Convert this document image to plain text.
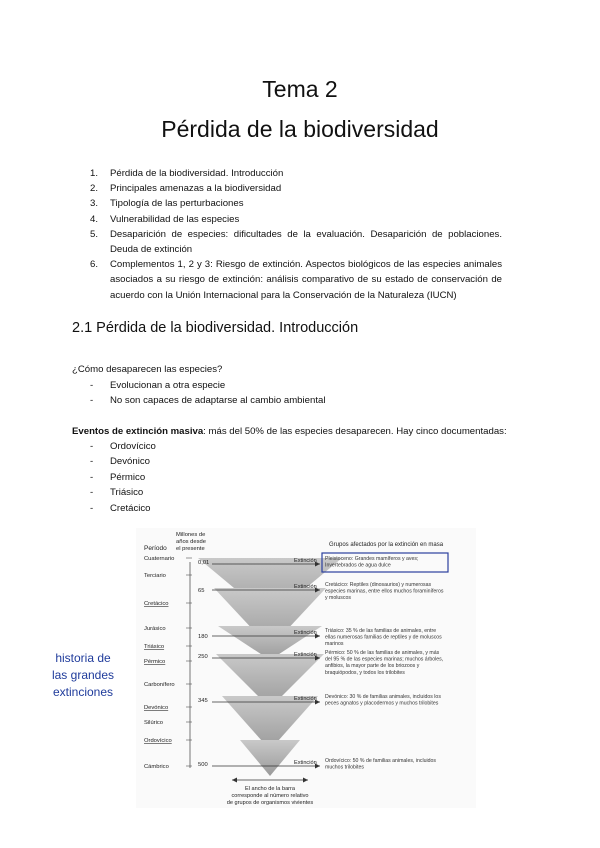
Tema 2
Pérdida de la biodiversidad
1. Pérdida de la biodiversidad. Introducción
2. Principales amenazas a la biodiversidad
3. Tipología de las perturbaciones
4. Vulnerabilidad de las especies
5. Desaparición de especies: dificultades de la evaluación. Desaparición de poblaciones. Deuda de extinción
6. Complementos 1, 2 y 3: Riesgo de extinción. Aspectos biológicos de las especies animales asociados a su riesgo de extinción: análisis comparativo de su estado de conservación de acuerdo con la Unión Internacional para la Conservación de la Naturaleza (IUCN)
2.1 Pérdida de la biodiversidad. Introducción
¿Cómo desaparecen las especies?
- Evolucionan a otra especie
- No son capaces de adaptarse al cambio ambiental
Eventos de extinción masiva: más del 50% de las especies desaparecen. Hay cinco documentadas:
- Ordovícico
- Devónico
- Pérmico
- Triásico
- Cretácico
historia de
las grandes
extinciones
Período
Millones de
años desde
el presente
Grupos afectados por la extinción en masa
Cuaternario
Terciario
Cretácico
Jurásico
Triásico
Pérmico
Carbonífero
Devónico
Silúrico
Ordovícico
Cámbrico
0,01
65
180
250
345
500
Extinción Pleistoceno: Grandes mamíferos y aves;
Invertebrados de agua dulce
Extinción Cretácico: Reptiles (dinosaurios) y numerosas
especies marinas, entre ellos muchos foraminíferos
y moluscos
Extinción Triásico: 35 % de las familias de animales, entre
ellas numerosas familias de reptiles y de moluscos
marinos
Extinción Pérmico: 50 % de las familias de animales, y más
del 95 % de las especies marinas; muchos árboles,
anfibios, la mayor parte de los briozoos y
braquiópodos, y todos los trilobites
Extinción Devónico: 30 % de familias animales, incluidos los
peces agnatos y placodermos y muchos trilobites
Extinción Ordovícico: 50 % de familias animales, incluidos
muchos trilobites
El ancho de la barra
corresponde al número relativo
de grupos de organismos vivientes
